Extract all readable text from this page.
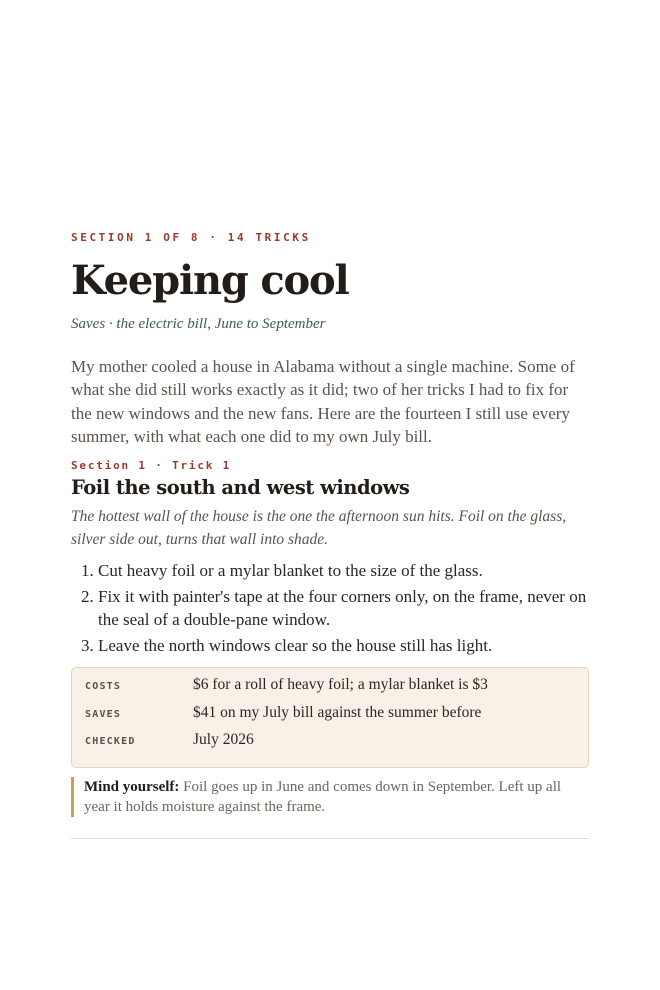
SECTION 1 OF 8 · 14 TRICKS

Keeping cool

Saves · the electric bill, June to September

My mother cooled a house in Alabama without a single machine. Some of what she did still works exactly as it did; two of her tricks I had to fix for the new windows and the new fans. Here are the fourteen I still use every summer, with what each one did to my own July bill.

Section 1 · Trick 1

Foil the south and west windows

The hottest wall of the house is the one the afternoon sun hits. Foil on the glass, silver side out, turns that wall into shade.

1. Cut heavy foil or a mylar blanket to the size of the glass.
2. Fix it with painter's tape at the four corners only, on the frame, never on the seal of a double-pane window.
3. Leave the north windows clear so the house still has light.
COSTS	$6 for a roll of heavy foil; a mylar blanket is $3
SAVES	$41 on my July bill against the summer before
CHECKED	July 2026
Mind yourself: Foil goes up in June and comes down in September. Left up all year it holds moisture against the frame.
